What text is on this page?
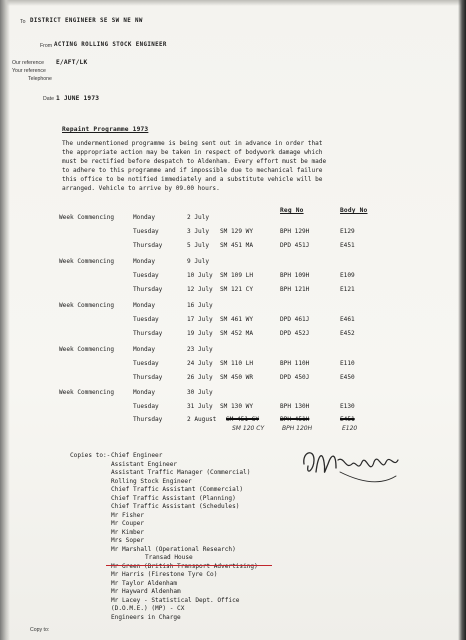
To DISTRICT ENGINEER SE SW NE NW
From ACTING ROLLING STOCK ENGINEER
Our reference E/AFT/LK
Your reference
Telephone
Date 1 JUNE 1973
Repaint Programme 1973
The undermentioned programme is being sent out in advance in order that
the appropriate action may be taken in respect of bodywork damage which
must be rectified before despatch to Aldenham. Every effort must be made
to adhere to this programme and if impossible due to mechanical failure
this office to be notified immediately and a substitute vehicle will be
arranged. Vehicle to arrive by 09.00 hours.
Reg No	Body No
Week Commencing	Monday	2 July
Tuesday	3 July SM 129 WY	BPH 129H	E129
Thursday	5 July SM 451 MA	DPD 451J	E451
Week Commencing	Monday	9 July
Tuesday	10 July SM 109 LH	BPH 109H	E109
Thursday	12 July SM 121 CY	BPH 121H	E121
Week Commencing	Monday	16 July
Tuesday	17 July SM 461 WY	DPD 461J	E461
Thursday	19 July SM 452 MA	DPD 452J	E452
Week Commencing	Monday	23 July
Tuesday	24 July SM 110 LH	BPH 110H	E110
Thursday	26 July SM 450 WR	DPD 450J	E450
Week Commencing	Monday	30 July
Tuesday	31 July SM 130 WY	BPH 130H	E130
Thursday	2 August SM 451 GY	BPH 451H	E451
SM 120 CY	BPH 120H	E120
Copies to:- Chief Engineer
Assistant Engineer
Assistant Traffic Manager (Commercial)
Rolling Stock Engineer
Chief Traffic Assistant (Commercial)
Chief Traffic Assistant (Planning)
Chief Traffic Assistant (Schedules)
Mr Fisher
Mr Couper
Mr Kimber
Mrs Soper
Mr Marshall (Operational Research)
Transad House
Mr Harris (Firestone Tyre Co)
Mr Taylor Aldenham
Mr Hayward Aldenham
Mr Lacey - Statistical Dept. Office
(D.O.M.E.) (MP) - CX
Engineers in Charge
Copy to:
